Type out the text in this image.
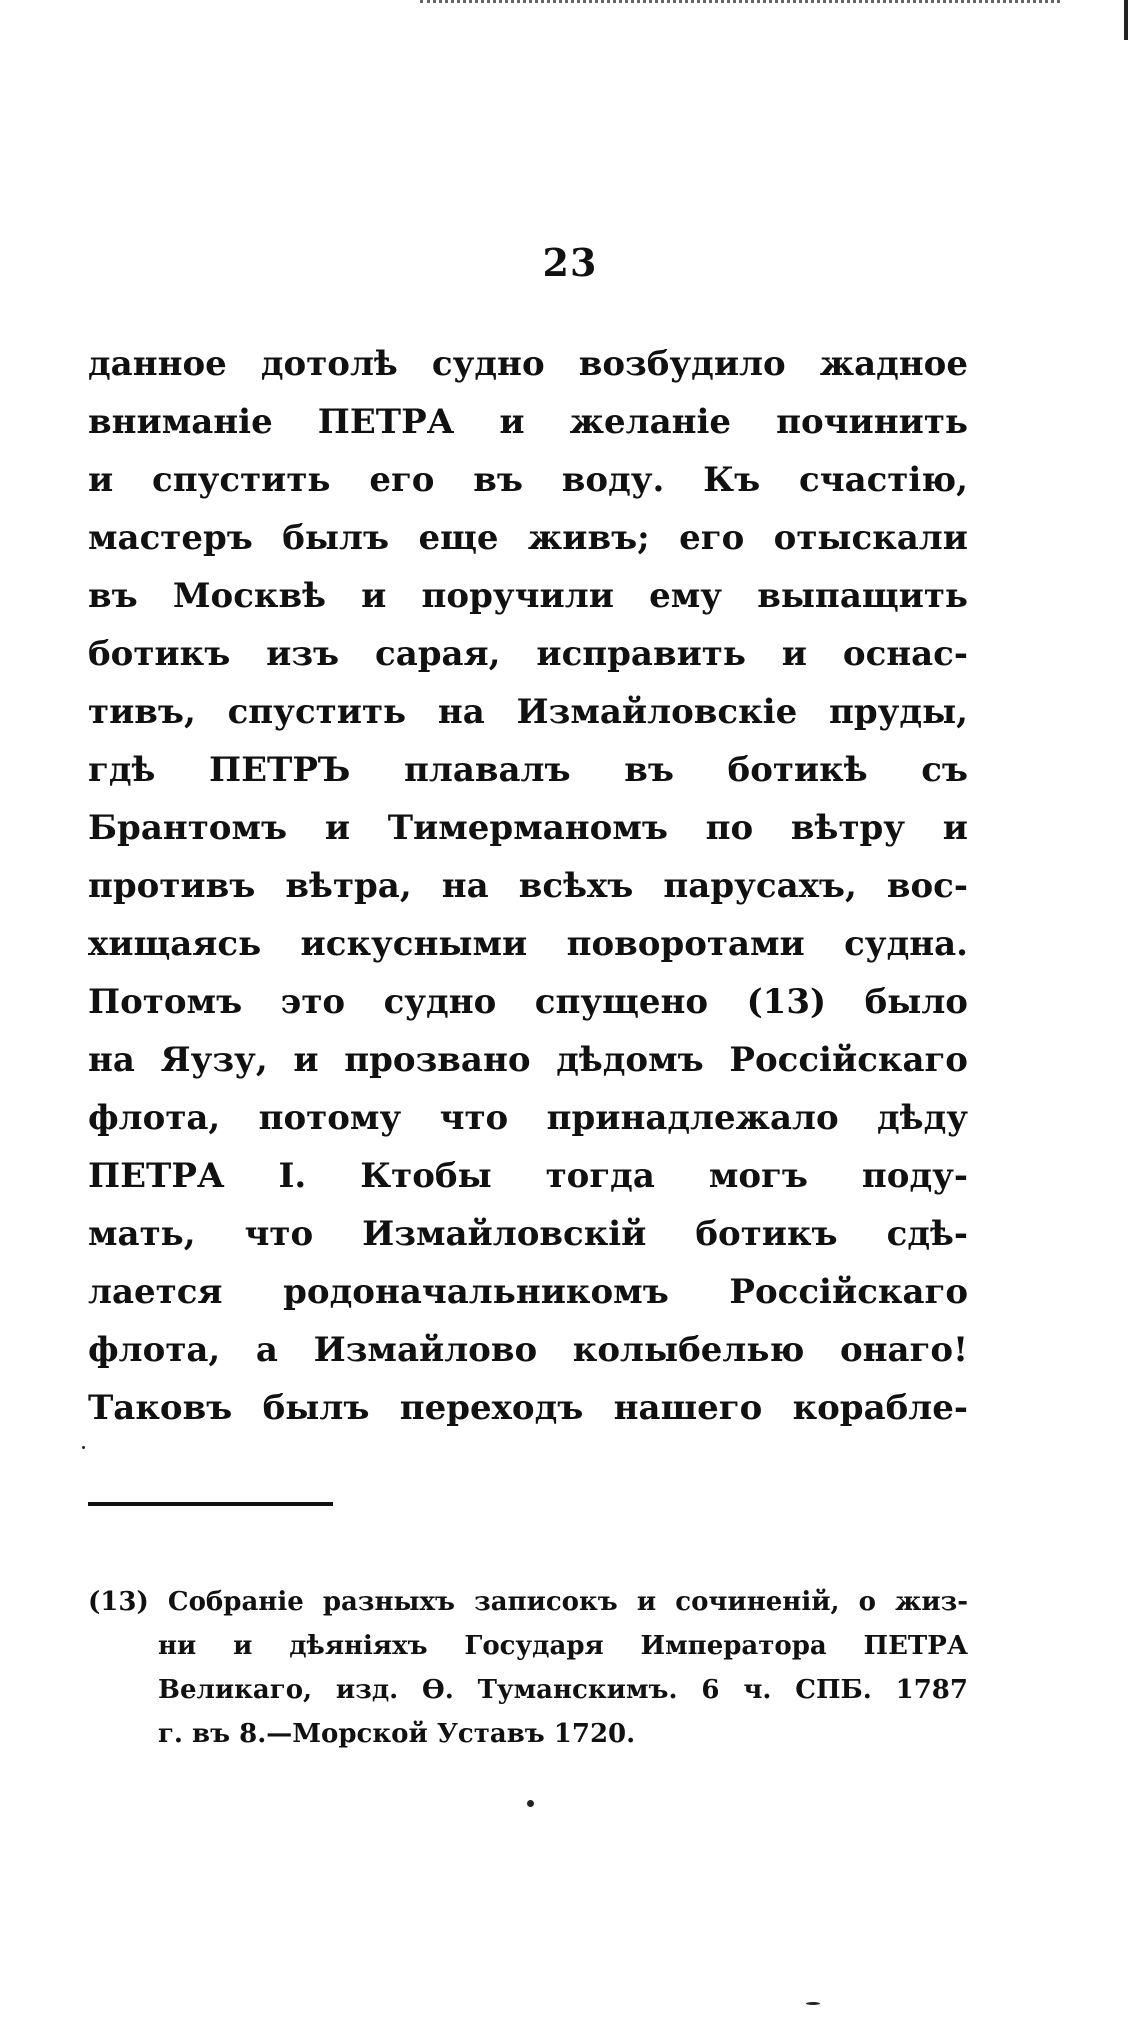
23
данное дотолѣ судно возбудило жадное
вниманіе ПЕТРА и желаніе починить
и спустить его въ воду. Къ счастію,
мастеръ былъ еще живъ; его отыскали
въ Москвѣ и поручили ему выпащить
ботикъ изъ сарая, исправить и оснас-
тивъ, спустить на Измайловскіе пруды,
гдѣ ПЕТРЪ плавалъ въ ботикѣ съ
Брантомъ и Тимерманомъ по вѣтру и
противъ вѣтра, на всѣхъ парусахъ, вос-
хищаясь искусными поворотами судна.
Потомъ это судно спущено (13) было
на Яузу, и прозвано дѣдомъ Россійскаго
флота, потому что принадлежало дѣду
ПЕТРА I. Ктобы тогда могъ поду-
мать, что Измайловскій ботикъ сдѣ-
лается родоначальникомъ Россійскаго
флота, а Измайлово колыбелью онаго!
Таковъ былъ переходъ нашего корабле-
(13) Собраніе разныхъ записокъ и сочиненій, о жиз-
ни и дѣяніяхъ Государя Императора ПЕТРА
Великаго, изд. Ѳ. Туманскимъ. 6 ч. СПБ. 1787
г. въ 8.—Морской Уставъ 1720.
